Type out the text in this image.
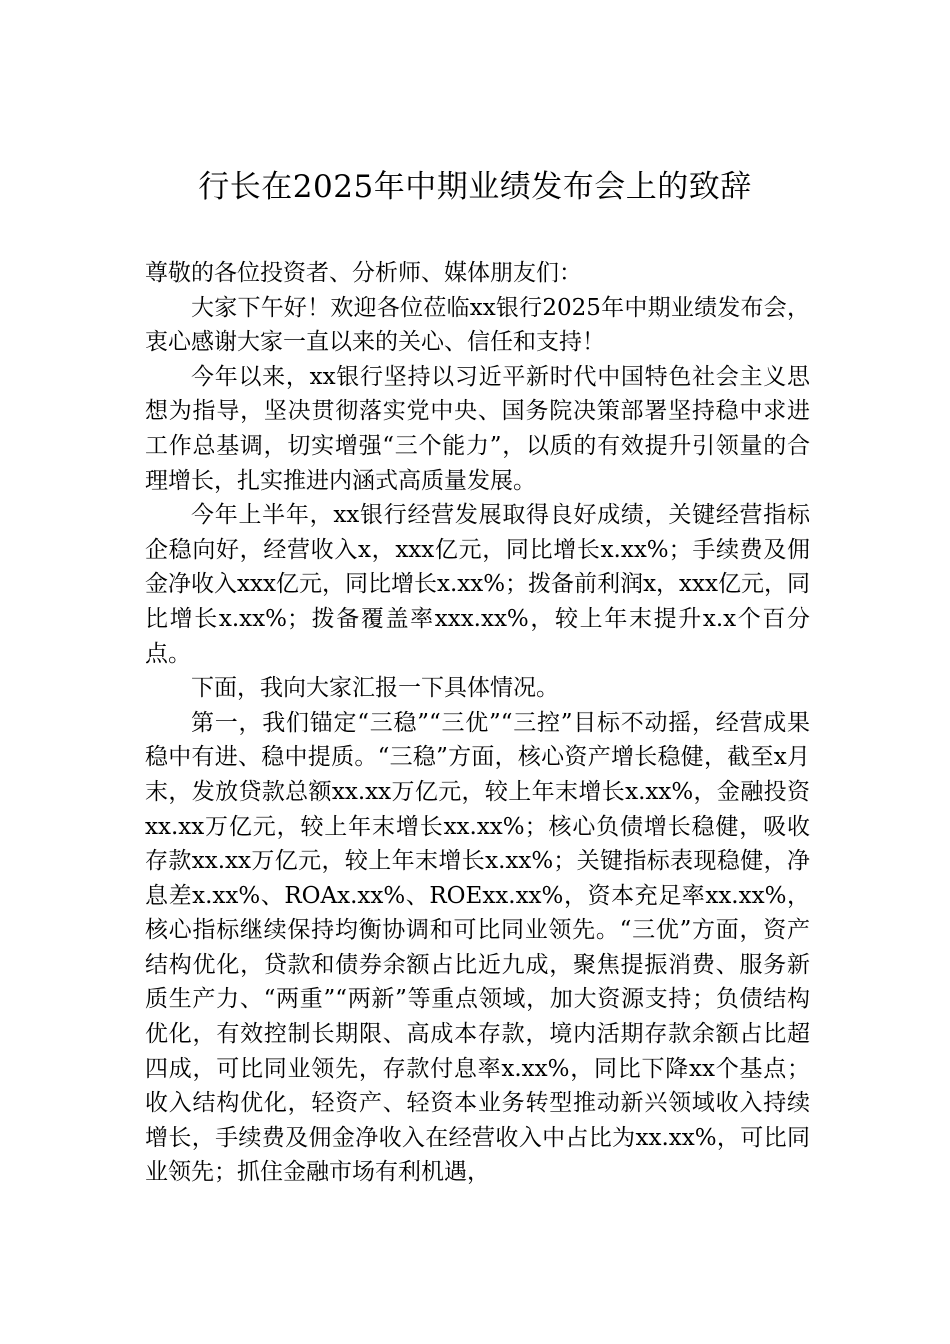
行长在2025年中期业绩发布会上的致辞

尊敬的各位投资者、分析师、媒体朋友们：

大家下午好！欢迎各位莅临xx银行2025年中期业绩发布会，衷心感谢大家一直以来的关心、信任和支持！

今年以来，xx银行坚持以习近平新时代中国特色社会主义思想为指导，坚决贯彻落实党中央、国务院决策部署坚持稳中求进工作总基调，切实增强“三个能力”，以质的有效提升引领量的合理增长，扎实推进内涵式高质量发展。

今年上半年，xx银行经营发展取得良好成绩，关键经营指标企稳向好，经营收入x，xxx亿元，同比增长x.xx%；手续费及佣金净收入xxx亿元，同比增长x.xx%；拨备前利润x，xxx亿元，同比增长x.xx%；拨备覆盖率xxx.xx%，较上年末提升x.x个百分点。

下面，我向大家汇报一下具体情况。

第一，我们锚定“三稳”“三优”“三控”目标不动摇，经营成果稳中有进、稳中提质。“三稳”方面，核心资产增长稳健，截至x月末，发放贷款总额xx.xx万亿元，较上年末增长x.xx%，金融投资xx.xx万亿元，较上年末增长xx.xx%；核心负债增长稳健，吸收存款xx.xx万亿元，较上年末增长x.xx%；关键指标表现稳健，净息差x.xx%、ROAx.xx%、ROExx.xx%，资本充足率xx.xx%，核心指标继续保持均衡协调和可比同业领先。“三优”方面，资产结构优化，贷款和债券余额占比近九成，聚焦提振消费、服务新质生产力、“两重”“两新”等重点领域，加大资源支持；负债结构优化，有效控制长期限、高成本存款，境内活期存款余额占比超四成，可比同业领先，存款付息率x.xx%，同比下降xx个基点；收入结构优化，轻资产、轻资本业务转型推动新兴领域收入持续增长，手续费及佣金净收入在经营收入中占比为xx.xx%，可比同业领先；抓住金融市场有利机遇，
